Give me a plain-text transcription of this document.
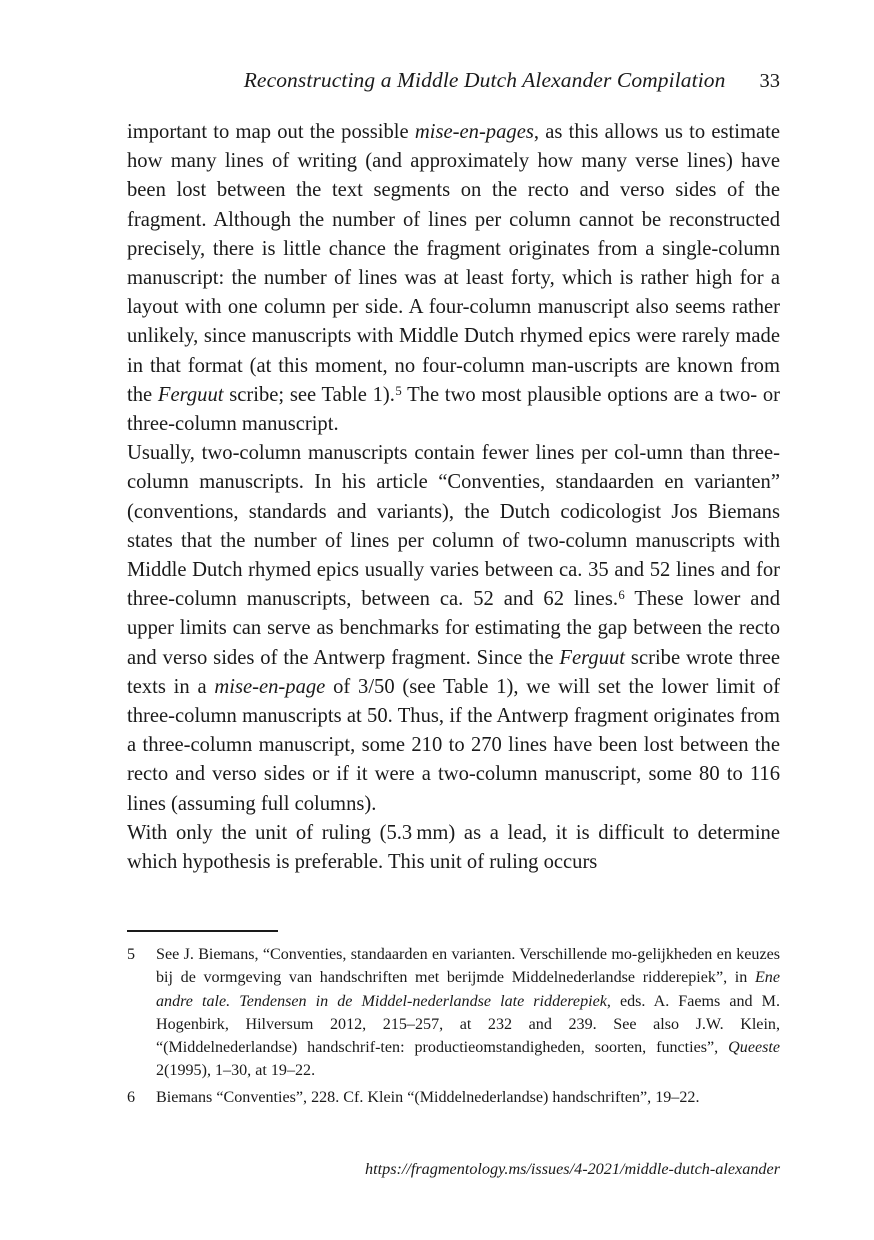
Reconstructing a Middle Dutch Alexander Compilation 33

important to map out the possible mise-en-pages, as this allows us to estimate how many lines of writing (and approximately how many verse lines) have been lost between the text segments on the recto and verso sides of the fragment. Although the number of lines per column cannot be reconstructed precisely, there is little chance the fragment originates from a single-column manuscript: the number of lines was at least forty, which is rather high for a layout with one column per side. A four-column manuscript also seems rather unlikely, since manuscripts with Middle Dutch rhymed epics were rarely made in that format (at this moment, no four-column man-uscripts are known from the Ferguut scribe; see Table 1).$^5$ The two most plausible options are a two- or three-column manuscript.

Usually, two-column manuscripts contain fewer lines per col-umn than three-column manuscripts. In his article “Conventies, standaarden en varianten” (conventions, standards and variants), the Dutch codicologist Jos Biemans states that the number of lines per column of two-column manuscripts with Middle Dutch rhymed epics usually varies between ca. 35 and 52 lines and for three-column manuscripts, between ca. 52 and 62 lines.$^6$ These lower and upper limits can serve as benchmarks for estimating the gap between the recto and verso sides of the Antwerp fragment. Since the Ferguut scribe wrote three texts in a mise-en-page of 3/50 (see Table 1), we will set the lower limit of three-column manuscripts at 50. Thus, if the Antwerp fragment originates from a three-column manuscript, some 210 to 270 lines have been lost between the recto and verso sides or if it were a two-column manuscript, some 80 to 116 lines (assuming full columns).

With only the unit of ruling (5.3 mm) as a lead, it is difficult to determine which hypothesis is preferable. This unit of ruling occurs

5	See J. Biemans, “Conventies, standaarden en varianten. Verschillende mo-gelijkheden en keuzes bij de vormgeving van handschriften met berijmde Middelnederlandse ridderepiek”, in Ene andre tale. Tendensen in de Middel-nederlandse late ridderepiek, eds. A. Faems and M. Hogenbirk, Hilversum 2012, 215–257, at 232 and 239. See also J.W. Klein, “(Middelnederlandse) handschrif-ten: productieomstandigheden, soorten, functies”, Queeste 2(1995), 1–30, at 19–22.
6	Biemans “Conventies”, 228. Cf. Klein “(Middelnederlandse) handschriften”, 19–22.
https://fragmentology.ms/issues/4-2021/middle-dutch-alexander
